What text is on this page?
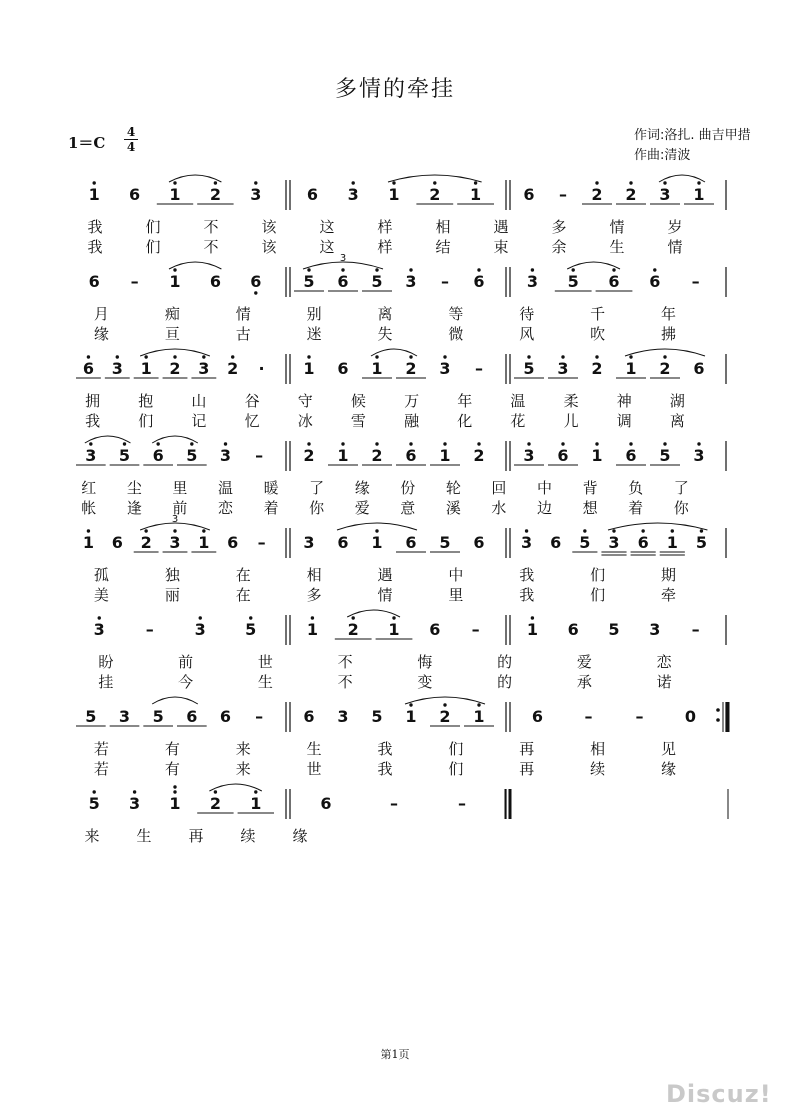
多情的牵挂
1＝C
4
4
作词:洛扎. 曲吉甲措
作曲:清波
1 6 1 2 3	6 3 1 2 1	6 – 2 2 3 1
我	们	不	该	这	样	相	遇	多	情	岁
我	们	不	该	这	样	结	束	余	生	情
6 – 1 6 6	5 6 5 3 – 6	3 5 6 6 –
3
月	痴	情	别	离	等	待	千	年
缘	亘	古	迷	失	微	风	吹	拂
6 3 1 2 3 2 · 1 6 1 2 3 –	5 3 2 1 2 6
拥	抱	山	谷	守	候	万	年	温	柔	神	湖
我	们	记	忆	冰	雪	融	化	花	儿	调	离
3 5 6 5 3 –	2 1 2 6 1 2 3 6 1 6 5 3
红 尘 里 温 暖 了 缘 份 轮 回 中 背 负 了
帐 逢 前 恋 着 你 爱 意 溪 水 边 想 着 你
1 6 2 3 1 6 – 3 6 1 6 5 6 3 6 5 3 6 1 5
3
孤	独	在	相	遇	中	我	们	期
美	丽	在	多	情	里	我	们	牵
3	–	3 5	1 2 1 6 –	1 6 5 3 –
盼	前	世	不	悔	的	爱	恋
挂	今	生	不	变	的	承	诺
5 3 5 6 6 –	6 3 5 1 2 1	6	–	–	0
若	有	来	生	我	们	再	相	见
若	有	来	世	我	们	再	续	缘
5 3 1 2 1	6	–	–
来 生 再 续 缘
第1页
Discuz!
